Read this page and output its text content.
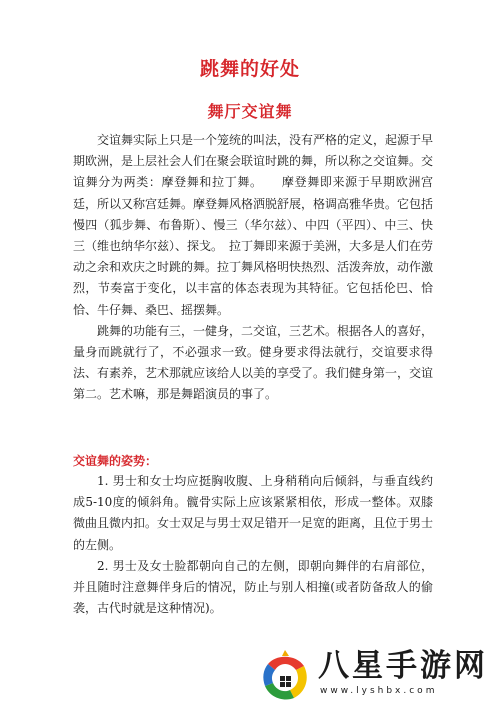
跳舞的好处
舞厅交谊舞

交谊舞实际上只是一个笼统的叫法，没有严格的定义，起源于早期欧洲，是上层社会人们在聚会联谊时跳的舞，所以称之交谊舞。交谊舞分为两类：摩登舞和拉丁舞。　　摩登舞即来源于早期欧洲宫廷，所以又称宫廷舞。摩登舞风格洒脱舒展，格调高雅华贵。它包括慢四（狐步舞、布鲁斯）、慢三（华尔兹）、中四（平四）、中三、快三（维也纳华尔兹）、探戈。　拉丁舞即来源于美洲，大多是人们在劳动之余和欢庆之时跳的舞。拉丁舞风格明快热烈、活泼奔放，动作激烈，节奏富于变化，以丰富的体态表现为其特征。它包括伦巴、恰恰、牛仔舞、桑巴、摇摆舞。

跳舞的功能有三，一健身，二交谊，三艺术。根据各人的喜好，量身而跳就行了，不必强求一致。健身要求得法就行，交谊要求得法、有素养，艺术那就应该给人以美的享受了。我们健身第一，交谊第二。艺术嘛，那是舞蹈演员的事了。

交谊舞的姿势：

1. 男士和女士均应挺胸收腹、上身稍稍向后倾斜，与垂直线约成5-10度的倾斜角。髋骨实际上应该紧紧相依，形成一整体。双膝微曲且微内扣。女士双足与男士双足错开一足宽的距离，且位于男士的左侧。

2. 男士及女士脸都朝向自己的左侧，即朝向舞伴的右肩部位，并且随时注意舞伴身后的情况，防止与别人相撞(或者防备敌人的偷袭，古代时就是这种情况)。

八星手游网
www.lyshbx.com
